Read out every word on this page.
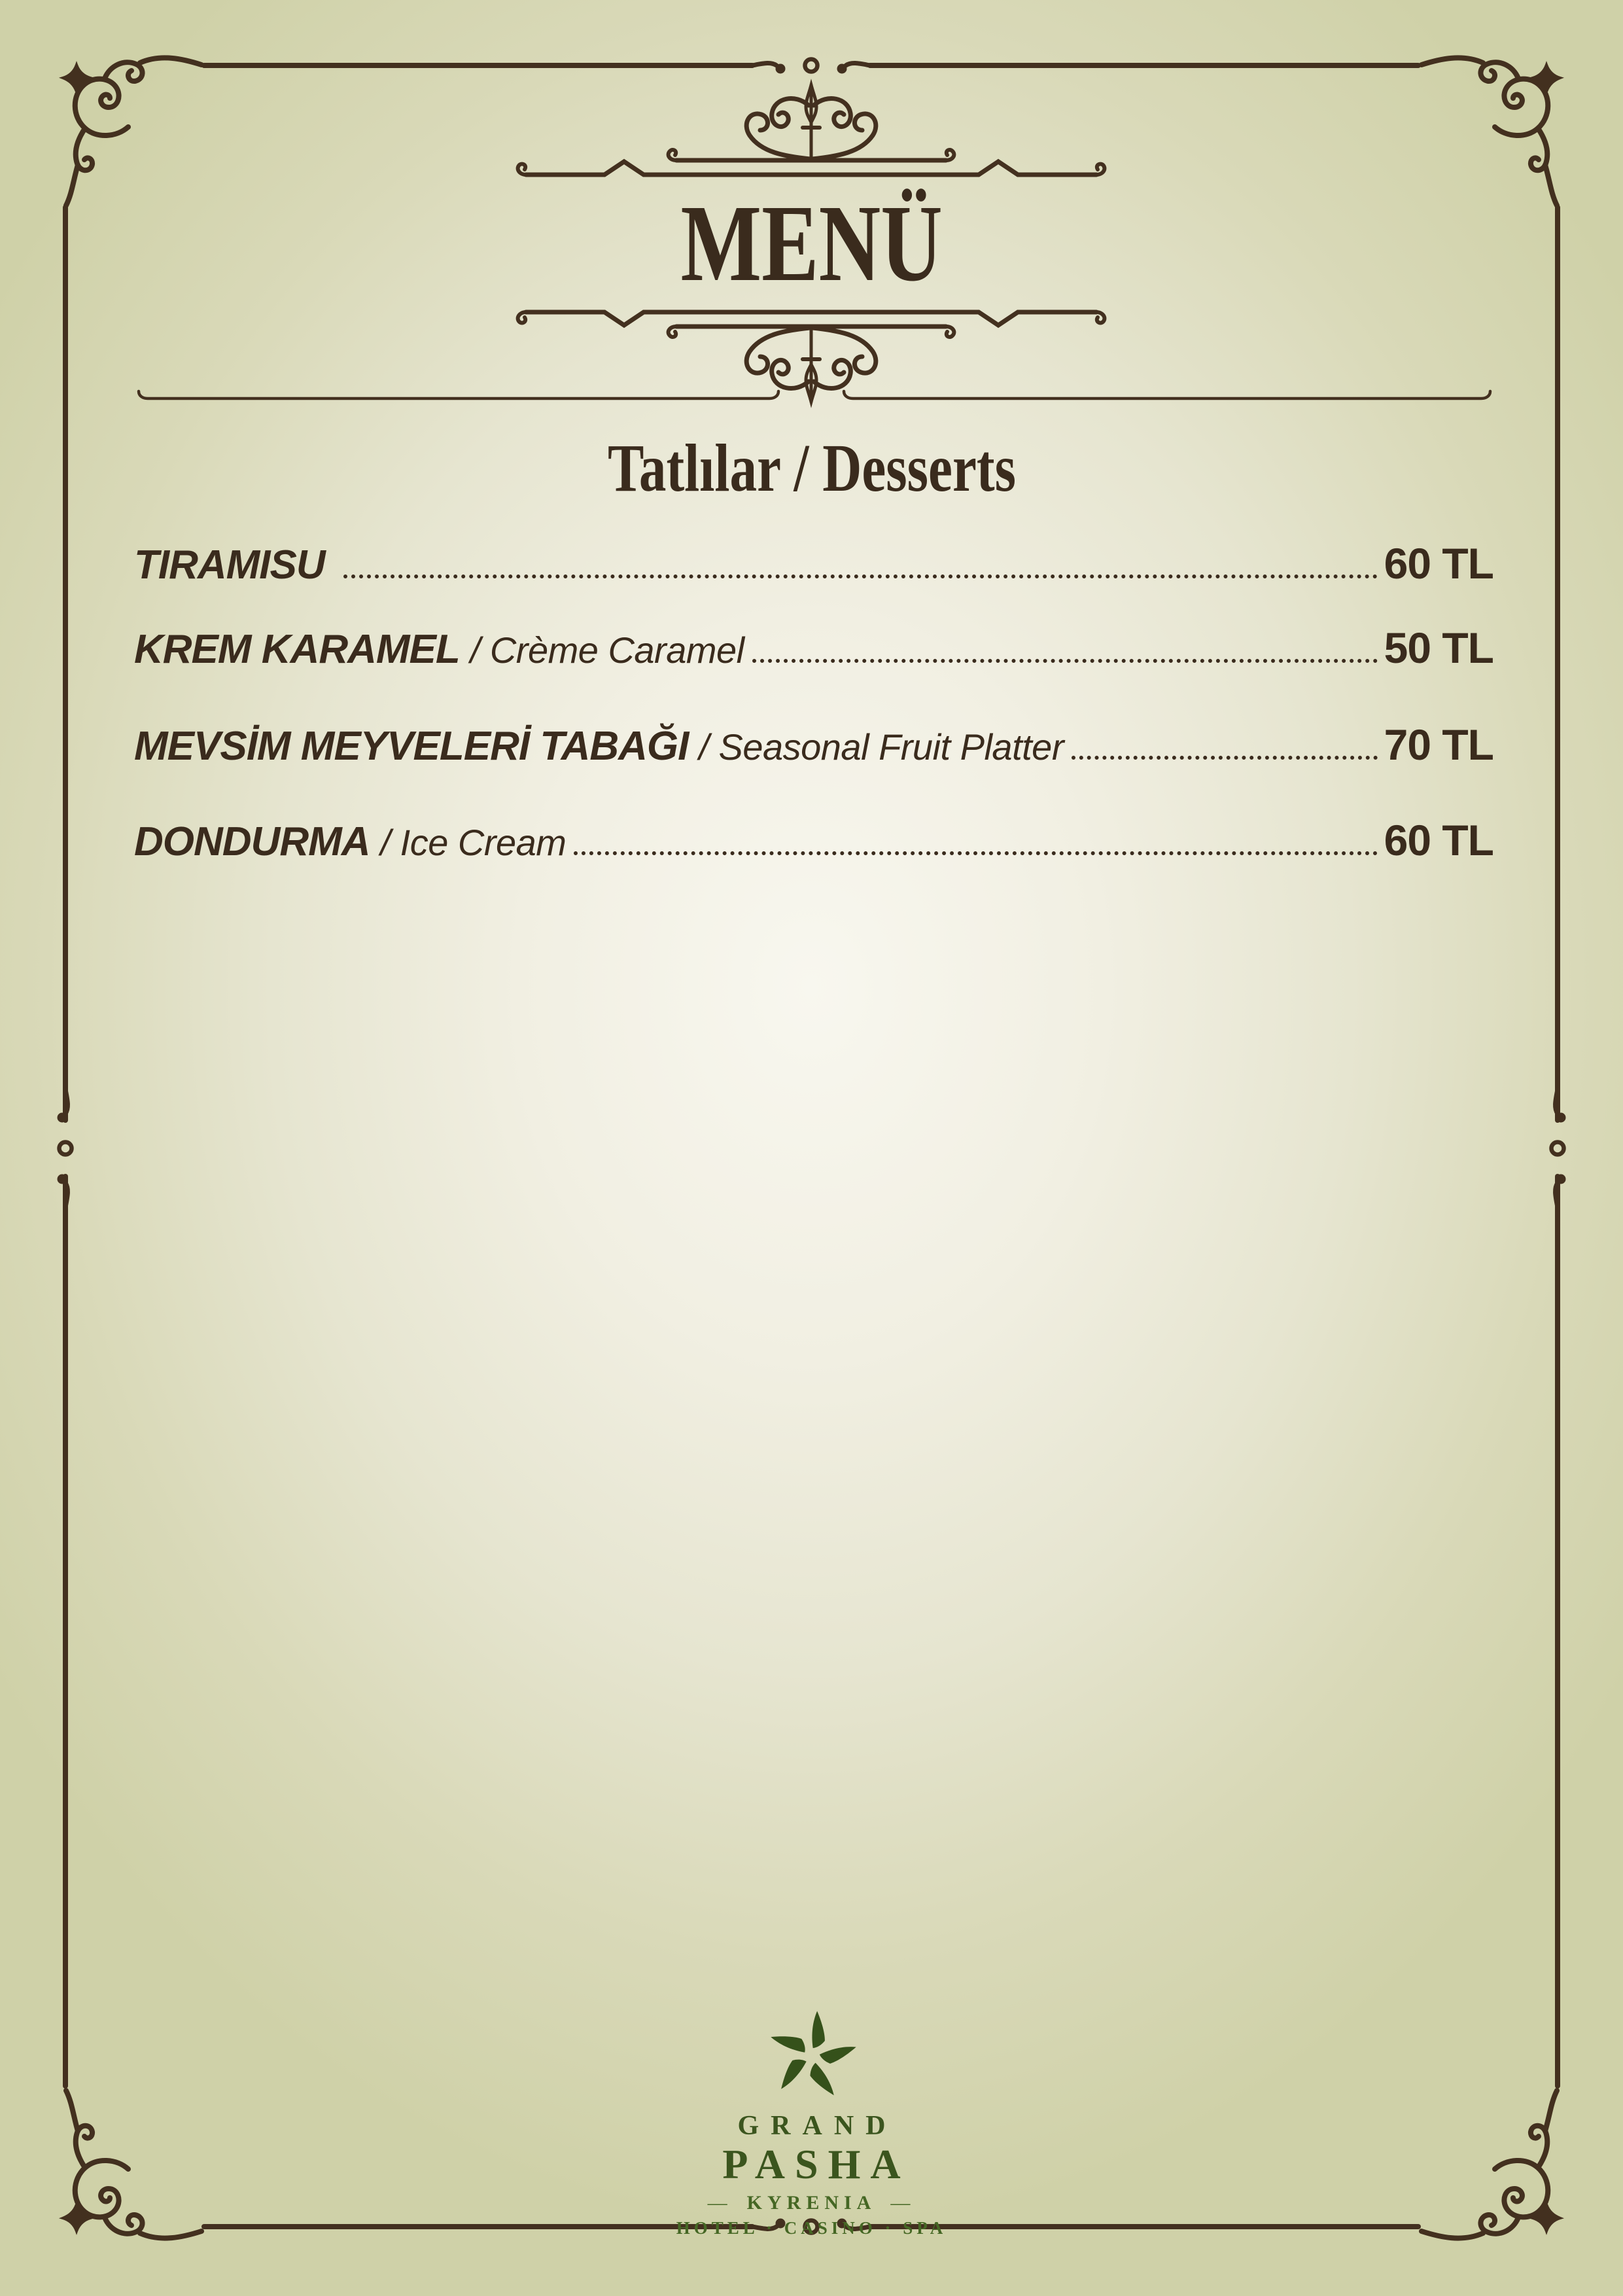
MENÜ
Tatlılar / Desserts
TIRAMISU	60 TL
KREM KARAMEL / Crème Caramel	50 TL
MEVSİM MEYVELERİ TABAĞI / Seasonal Fruit Platter	70 TL
DONDURMA / Ice Cream	60 TL
GRAND
PASHA
— KYRENIA —
HOTEL · CASINO · SPA
